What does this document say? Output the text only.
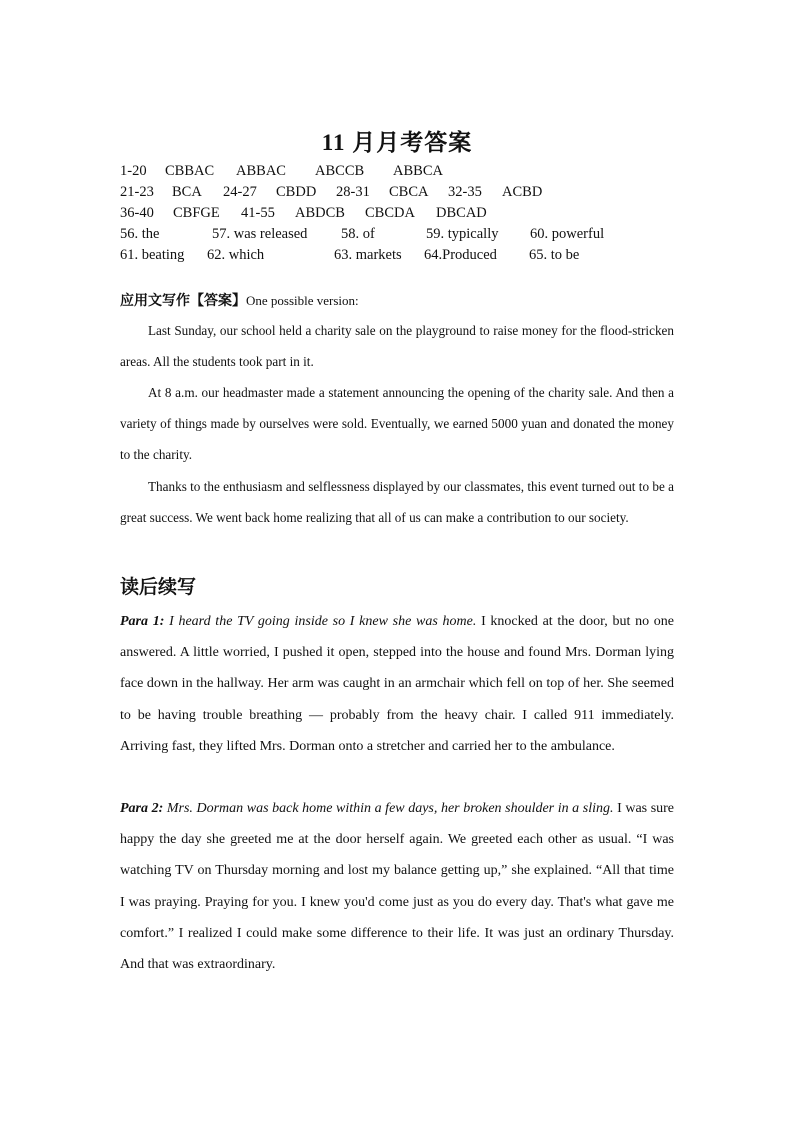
11 月月考答案
1-20 CBBAC ABBAC ABCCB ABBCA
21-23 BCA 24-27 CBDD 28-31 CBCA 32-35 ACBD
36-40 CBFGE 41-55 ABDCB CBCDA DBCAD
56. the	57. was released 58. of	59. typically 60. powerful
61. beating 62. which	63. markets 64.Produced 65. to be
应用文写作【答案】One possible version:

Last Sunday, our school held a charity sale on the playground to raise money for the flood-stricken areas. All the students took part in it.

At 8 a.m. our headmaster made a statement announcing the opening of the charity sale. And then a variety of things made by ourselves were sold. Eventually, we earned 5000 yuan and donated the money to the charity.

Thanks to the enthusiasm and selflessness displayed by our classmates, this event turned out to be a great success. We went back home realizing that all of us can make a contribution to our society.

读后续写

Para 1: I heard the TV going inside so I knew she was home. I knocked at the door, but no one answered. A little worried, I pushed it open, stepped into the house and found Mrs. Dorman lying face down in the hallway. Her arm was caught in an armchair which fell on top of her. She seemed to be having trouble breathing — probably from the heavy chair. I called 911 immediately. Arriving fast, they lifted Mrs. Dorman onto a stretcher and carried her to the ambulance.

Para 2: Mrs. Dorman was back home within a few days, her broken shoulder in a sling. I was sure happy the day she greeted me at the door herself again. We greeted each other as usual. “I was watching TV on Thursday morning and lost my balance getting up,” she explained. “All that time I was praying. Praying for you. I knew you'd come just as you do every day. That's what gave me comfort.” I realized I could make some difference to their life. It was just an ordinary Thursday. And that was extraordinary.
